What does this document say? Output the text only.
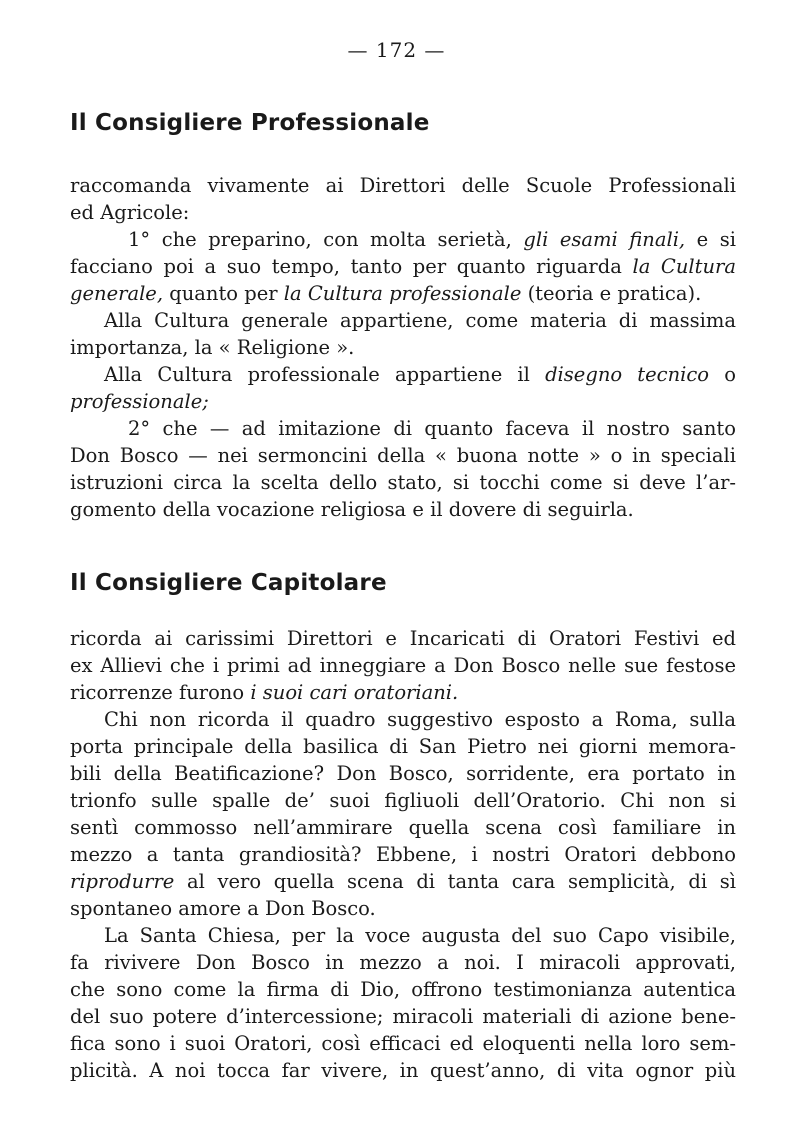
— 172 —
Il Consigliere Professionale
raccomanda vivamente ai Direttori delle Scuole Professionali
ed Agricole:
1° che preparino, con molta serietà, gli esami finali, e si
facciano poi a suo tempo, tanto per quanto riguarda la Cultura
generale, quanto per la Cultura professionale (teoria e pratica).
Alla Cultura generale appartiene, come materia di massima
importanza, la « Religione ».
Alla Cultura professionale appartiene il disegno tecnico o
professionale;
2° che — ad imitazione di quanto faceva il nostro santo
Don Bosco — nei sermoncini della « buona notte » o in speciali
istruzioni circa la scelta dello stato, si tocchi come si deve l’ar-
gomento della vocazione religiosa e il dovere di seguirla.
Il Consigliere Capitolare
ricorda ai carissimi Direttori e Incaricati di Oratori Festivi ed
ex Allievi che i primi ad inneggiare a Don Bosco nelle sue festose
ricorrenze furono i suoi cari oratoriani.
Chi non ricorda il quadro suggestivo esposto a Roma, sulla
porta principale della basilica di San Pietro nei giorni memora-
bili della Beatificazione? Don Bosco, sorridente, era portato in
trionfo sulle spalle de’ suoi figliuoli dell’Oratorio. Chi non si
sentì commosso nell’ammirare quella scena così familiare in
mezzo a tanta grandiosità? Ebbene, i nostri Oratori debbono
riprodurre al vero quella scena di tanta cara semplicità, di sì
spontaneo amore a Don Bosco.
La Santa Chiesa, per la voce augusta del suo Capo visibile,
fa rivivere Don Bosco in mezzo a noi. I miracoli approvati,
che sono come la firma di Dio, offrono testimonianza autentica
del suo potere d’intercessione; miracoli materiali di azione bene-
fica sono i suoi Oratori, così efficaci ed eloquenti nella loro sem-
plicità. A noi tocca far vivere, in quest’anno, di vita ognor più
